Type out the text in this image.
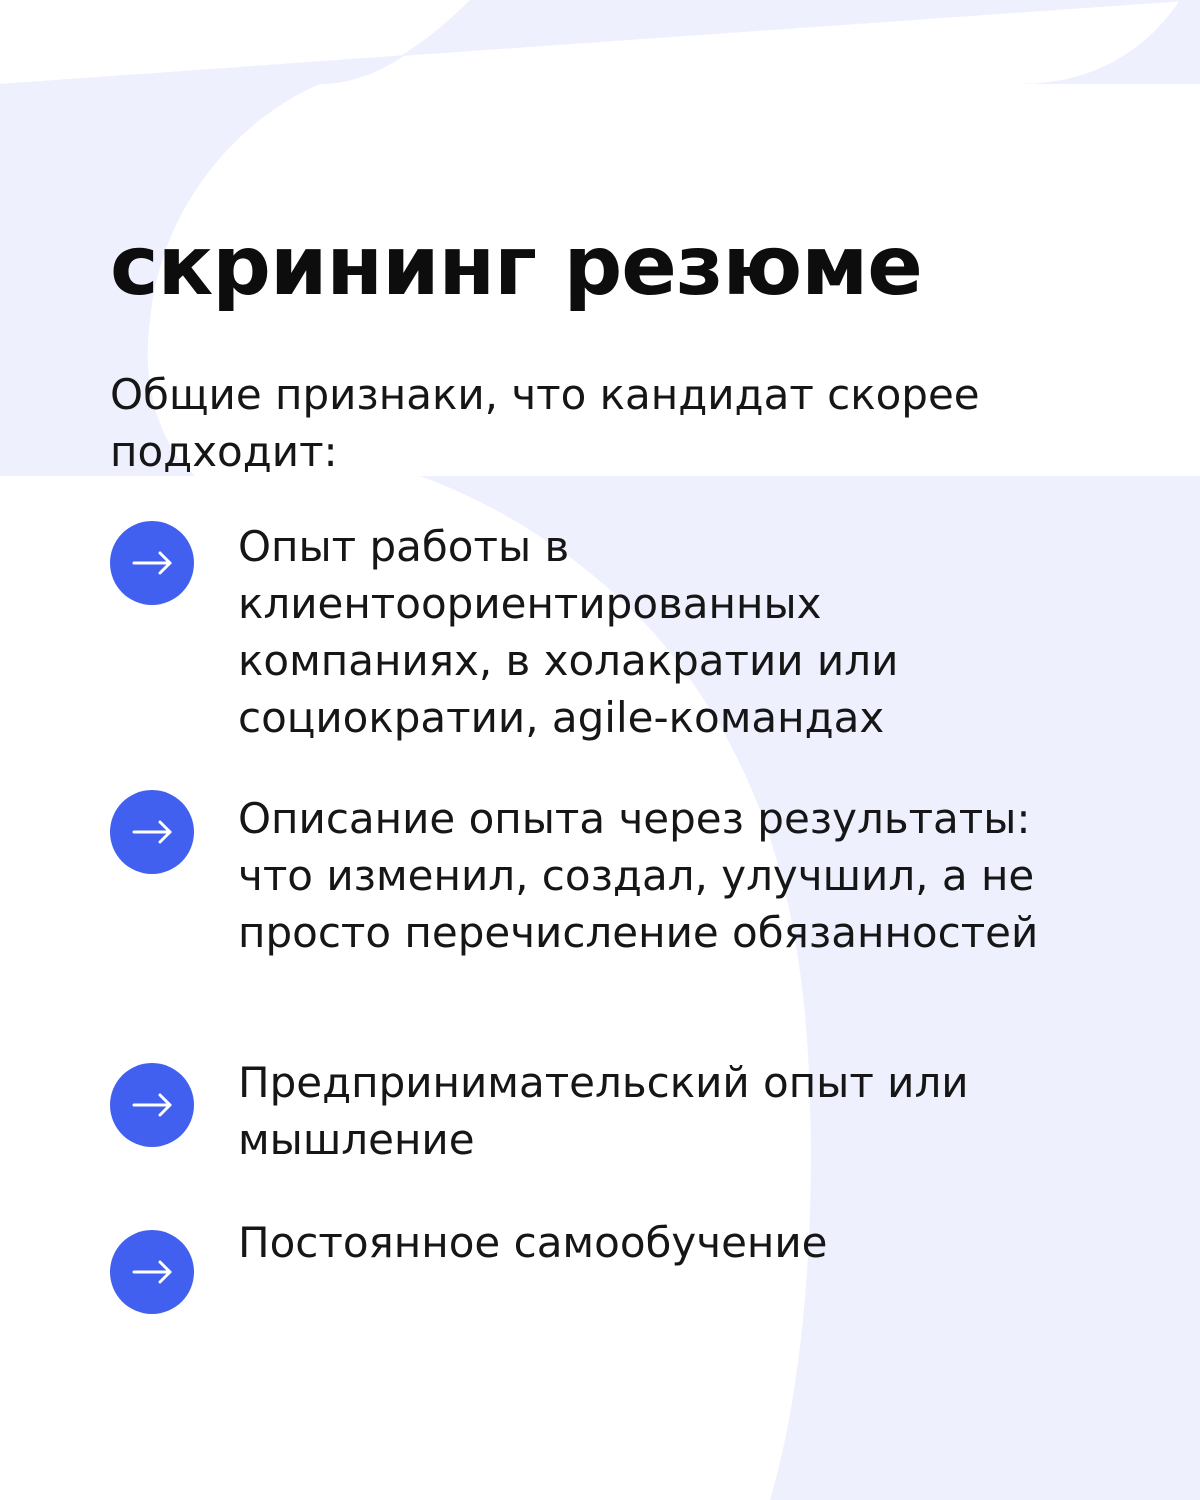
скрининг резюме

Общие признаки, что кандидат скорее подходит:

Опыт работы в клиентоориентированных компаниях, в холакратии или социократии, agile-командах

Описание опыта через результаты: что изменил, создал, улучшил, а не просто перечисление обязанностей

Предпринимательский опыт или мышление

Постоянное самообучение
